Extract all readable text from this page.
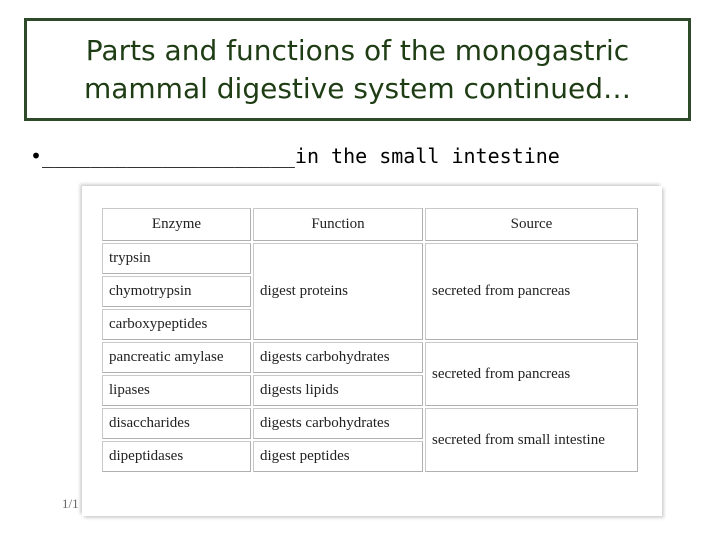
Parts and functions of the monogastric
mammal digestive system continued…
•_____________________in the small intestine
Enzyme	Function	Source
trypsin	digest proteins	secreted from pancreas
chymotrypsin		
carboxypeptides		
pancreatic amylase	digests carbohydrates	secreted from pancreas
lipases	digests lipids	
disaccharides	digests carbohydrates	secreted from small intestine
dipeptidases	digest peptides	
1/1
